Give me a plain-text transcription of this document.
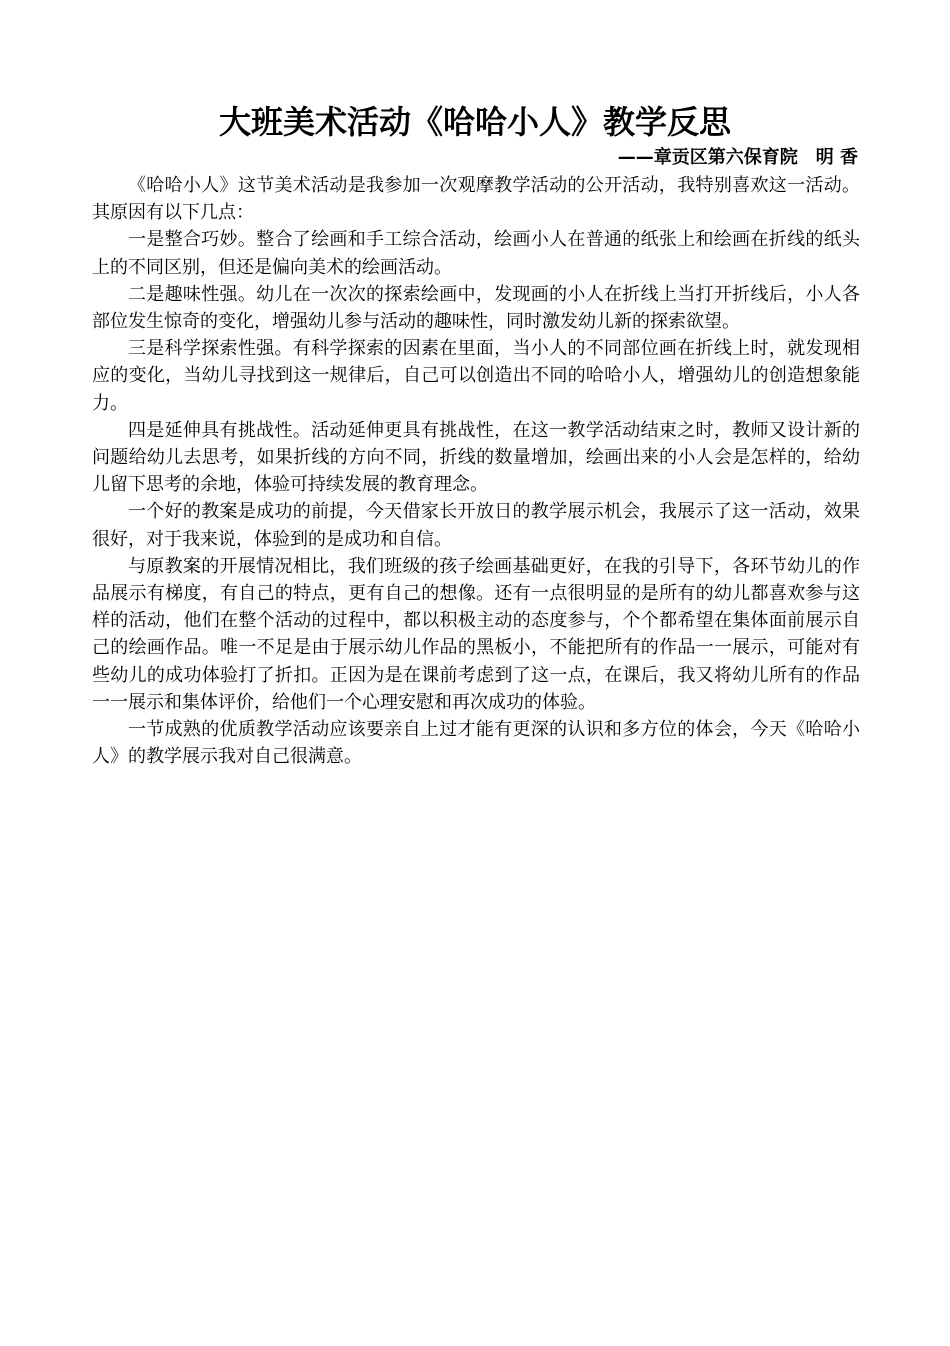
大班美术活动《哈哈小人》教学反思
——章贡区第六保育院　明 香

《哈哈小人》这节美术活动是我参加一次观摩教学活动的公开活动，我特别喜欢这一活动。其原因有以下几点：

一是整合巧妙。整合了绘画和手工综合活动，绘画小人在普通的纸张上和绘画在折线的纸头上的不同区别，但还是偏向美术的绘画活动。

二是趣味性强。幼儿在一次次的探索绘画中，发现画的小人在折线上当打开折线后，小人各部位发生惊奇的变化，增强幼儿参与活动的趣味性，同时激发幼儿新的探索欲望。

三是科学探索性强。有科学探索的因素在里面，当小人的不同部位画在折线上时，就发现相应的变化，当幼儿寻找到这一规律后，自己可以创造出不同的哈哈小人，增强幼儿的创造想象能力。

四是延伸具有挑战性。活动延伸更具有挑战性，在这一教学活动结束之时，教师又设计新的问题给幼儿去思考，如果折线的方向不同，折线的数量增加，绘画出来的小人会是怎样的，给幼儿留下思考的余地，体验可持续发展的教育理念。

一个好的教案是成功的前提，今天借家长开放日的教学展示机会，我展示了这一活动，效果很好，对于我来说，体验到的是成功和自信。

与原教案的开展情况相比，我们班级的孩子绘画基础更好，在我的引导下，各环节幼儿的作品展示有梯度，有自己的特点，更有自己的想像。还有一点很明显的是所有的幼儿都喜欢参与这样的活动，他们在整个活动的过程中，都以积极主动的态度参与，个个都希望在集体面前展示自己的绘画作品。唯一不足是由于展示幼儿作品的黑板小，不能把所有的作品一一展示，可能对有些幼儿的成功体验打了折扣。正因为是在课前考虑到了这一点，在课后，我又将幼儿所有的作品一一展示和集体评价，给他们一个心理安慰和再次成功的体验。

一节成熟的优质教学活动应该要亲自上过才能有更深的认识和多方位的体会，今天《哈哈小人》的教学展示我对自己很满意。
